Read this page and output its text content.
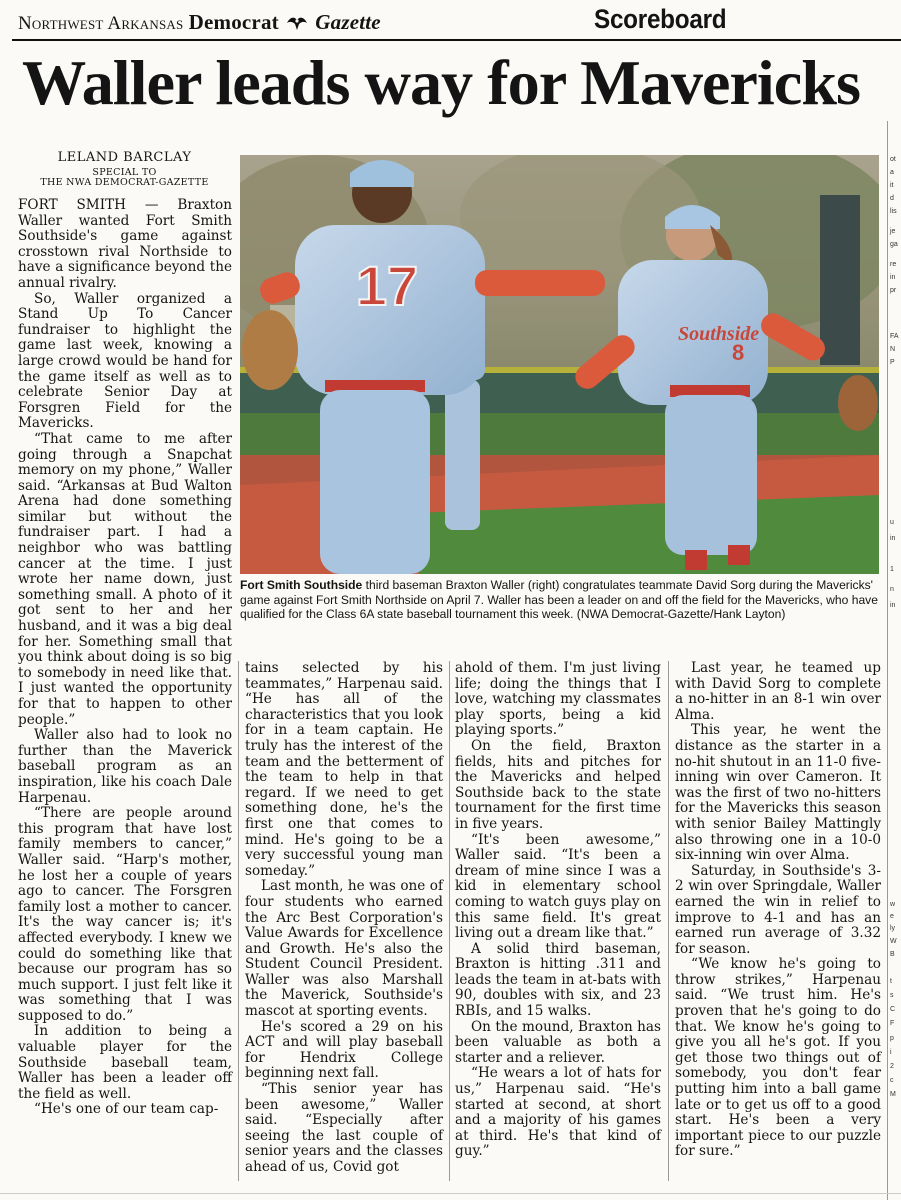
Northwest Arkansas Democrat Gazette	Scoreboard
Waller leads way for Mavericks
LELAND BARCLAY
SPECIAL TO
THE NWA DEMOCRAT-GAZETTE

FORT SMITH — Braxton Waller wanted Fort Smith Southside's game against crosstown rival Northside to have a significance beyond the annual rivalry.

So, Waller organized a Stand Up To Cancer fundraiser to highlight the game last week, knowing a large crowd would be hand for the game itself as well as to celebrate Senior Day at Forsgren Field for the Mavericks.

“That came to me after going through a Snapchat memory on my phone,” Waller said. “Arkansas at Bud Walton Arena had done something similar but without the fundraiser part. I had a neighbor who was battling cancer at the time. I just wrote her name down, just something small. A photo of it got sent to her and her husband, and it was a big deal for her. Something small that you think about doing is so big to somebody in need like that. I just wanted the opportunity for that to happen to other people.”

Waller also had to look no further than the Maverick baseball program as an inspiration, like his coach Dale Harpenau.

“There are people around this program that have lost family members to cancer,” Waller said. “Harp's mother, he lost her a couple of years ago to cancer. The Forsgren family lost a mother to cancer. It's the way cancer is; it's affected everybody. I knew we could do something like that because our program has so much support. I just felt like it was something that I was supposed to do.”

In addition to being a valuable player for the Southside baseball team, Waller has been a leader off the field as well.

“He's one of our team cap-

17
Southside
8
Fort Smith Southside third baseman Braxton Waller (right) congratulates teammate David Sorg during the Mavericks' game against Fort Smith Northside on April 7. Waller has been a leader on and off the field for the Mavericks, who have qualified for the Class 6A state baseball tournament this week. (NWA Democrat-Gazette/Hank Layton)

tains selected by his teammates,” Harpenau said. “He has all of the characteristics that you look for in a team captain. He truly has the interest of the team and the betterment of the team to help in that regard. If we need to get something done, he's the first one that comes to mind. He's going to be a very successful young man someday.”

Last month, he was one of four students who earned the Arc Best Corporation's Value Awards for Excellence and Growth. He's also the Student Council President. Waller was also Marshall the Maverick, Southside's mascot at sporting events.

He's scored a 29 on his ACT and will play baseball for Hendrix College beginning next fall.

“This senior year has been awesome,” Waller said. “Especially after seeing the last couple of senior years and the classes ahead of us, Covid got

ahold of them. I'm just living life; doing the things that I love, watching my classmates play sports, being a kid playing sports.”

On the field, Braxton fields, hits and pitches for the Mavericks and helped Southside back to the state tournament for the first time in five years.

“It's been awesome,” Waller said. “It's been a dream of mine since I was a kid in elementary school coming to watch guys play on this same field. It's great living out a dream like that.”

A solid third baseman, Braxton is hitting .311 and leads the team in at-bats with 90, doubles with six, and 23 RBIs, and 15 walks.

On the mound, Braxton has been valuable as both a starter and a reliever.

“He wears a lot of hats for us,” Harpenau said. “He's started at second, at short and a majority of his games at third. He's that kind of guy.”

Last year, he teamed up with David Sorg to complete a no-hitter in an 8-1 win over Alma.

This year, he went the distance as the starter in a no-hit shutout in an 11-0 five-inning win over Cameron. It was the first of two no-hitters for the Mavericks this season with senior Bailey Mattingly also throwing one in a 10-0 six-inning win over Alma.

Saturday, in Southside's 3-2 win over Springdale, Waller earned the win in relief to improve to 4-1 and has an earned run average of 3.32 for season.

“We know he's going to throw strikes,” Harpenau said. “We trust him. He's proven that he's going to do that. We know he's going to give you all he's got. If you get those two things out of somebody, you don't fear putting him into a ball game late or to get us off to a good start. He's been a very important piece to our puzzle for sure.”

ot
a
it
d
lis
je
ga
re
in
pr
FA
N
P
u
in
1
n
in
w
e
ly
W
B
t
s
C
F
p
i
2
c
M
